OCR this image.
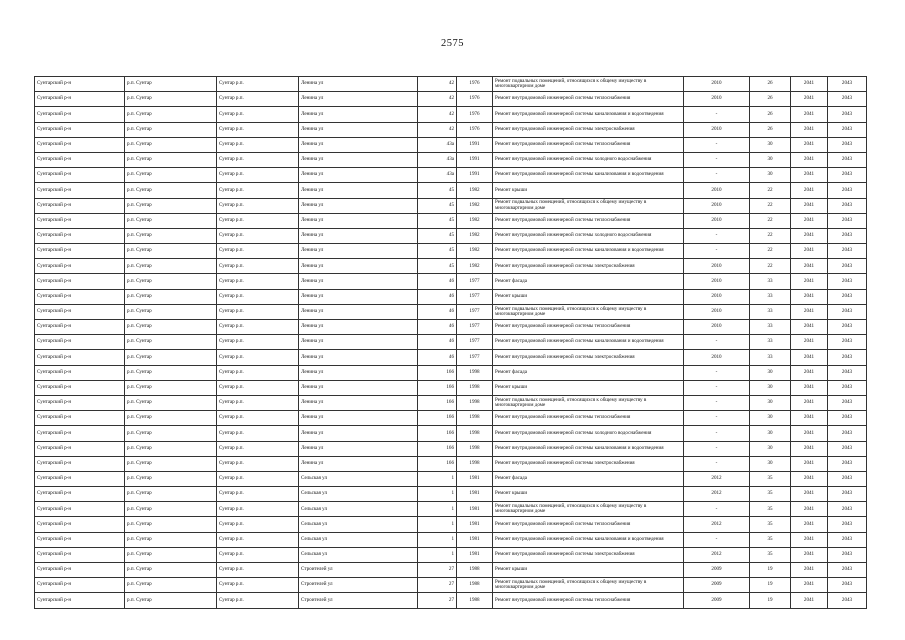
2575
Сунтарский р-н	р.п. Сунтар	Сунтар р.п.	Ленина ул	42	1976	Ремонт подвальных помещений, относящихся к общему имуществу в многоквартирном доме	2010	26	2041	2043
Сунтарский р-н	р.п. Сунтар	Сунтар р.п.	Ленина ул	42	1976	Ремонт внутридомовой инженерной системы теплоснабжения	2010	26	2041	2043
Сунтарский р-н	р.п. Сунтар	Сунтар р.п.	Ленина ул	42	1976	Ремонт внутридомовой инженерной системы канализования и водоотведения	-	26	2041	2043
Сунтарский р-н	р.п. Сунтар	Сунтар р.п.	Ленина ул	42	1976	Ремонт внутридомовой инженерной системы электроснабжения	2010	26	2041	2043
Сунтарский р-н	р.п. Сунтар	Сунтар р.п.	Ленина ул	43а	1991	Ремонт внутридомовой инженерной системы теплоснабжения	-	30	2041	2043
Сунтарский р-н	р.п. Сунтар	Сунтар р.п.	Ленина ул	43а	1991	Ремонт внутридомовой инженерной системы холодного водоснабжения	-	30	2041	2043
Сунтарский р-н	р.п. Сунтар	Сунтар р.п.	Ленина ул	43а	1991	Ремонт внутридомовой инженерной системы канализования и водоотведения	-	30	2041	2043
Сунтарский р-н	р.п. Сунтар	Сунтар р.п.	Ленина ул	45	1982	Ремонт крыши	2010	22	2041	2043
Сунтарский р-н	р.п. Сунтар	Сунтар р.п.	Ленина ул	45	1982	Ремонт подвальных помещений, относящихся к общему имуществу в многоквартирном доме	2010	22	2041	2043
Сунтарский р-н	р.п. Сунтар	Сунтар р.п.	Ленина ул	45	1982	Ремонт внутридомовой инженерной системы теплоснабжения	2010	22	2041	2043
Сунтарский р-н	р.п. Сунтар	Сунтар р.п.	Ленина ул	45	1982	Ремонт внутридомовой инженерной системы холодного водоснабжения	-	22	2041	2043
Сунтарский р-н	р.п. Сунтар	Сунтар р.п.	Ленина ул	45	1982	Ремонт внутридомовой инженерной системы канализования и водоотведения	-	22	2041	2043
Сунтарский р-н	р.п. Сунтар	Сунтар р.п.	Ленина ул	45	1982	Ремонт внутридомовой инженерной системы электроснабжения	2010	22	2041	2043
Сунтарский р-н	р.п. Сунтар	Сунтар р.п.	Ленина ул	46	1977	Ремонт фасада	2010	33	2041	2043
Сунтарский р-н	р.п. Сунтар	Сунтар р.п.	Ленина ул	46	1977	Ремонт крыши	2010	33	2041	2043
Сунтарский р-н	р.п. Сунтар	Сунтар р.п.	Ленина ул	46	1977	Ремонт подвальных помещений, относящихся к общему имуществу в многоквартирном доме	2010	33	2041	2043
Сунтарский р-н	р.п. Сунтар	Сунтар р.п.	Ленина ул	46	1977	Ремонт внутридомовой инженерной системы теплоснабжения	2010	33	2041	2043
Сунтарский р-н	р.п. Сунтар	Сунтар р.п.	Ленина ул	46	1977	Ремонт внутридомовой инженерной системы канализования и водоотведения	-	33	2041	2043
Сунтарский р-н	р.п. Сунтар	Сунтар р.п.	Ленина ул	46	1977	Ремонт внутридомовой инженерной системы электроснабжения	2010	33	2041	2043
Сунтарский р-н	р.п. Сунтар	Сунтар р.п.	Ленина ул	166	1998	Ремонт фасада	-	30	2041	2043
Сунтарский р-н	р.п. Сунтар	Сунтар р.п.	Ленина ул	166	1998	Ремонт крыши	-	30	2041	2043
Сунтарский р-н	р.п. Сунтар	Сунтар р.п.	Ленина ул	166	1998	Ремонт подвальных помещений, относящихся к общему имуществу в многоквартирном доме	-	30	2041	2043
Сунтарский р-н	р.п. Сунтар	Сунтар р.п.	Ленина ул	166	1998	Ремонт внутридомовой инженерной системы теплоснабжения	-	30	2041	2043
Сунтарский р-н	р.п. Сунтар	Сунтар р.п.	Ленина ул	166	1998	Ремонт внутридомовой инженерной системы холодного водоснабжения	-	30	2041	2043
Сунтарский р-н	р.п. Сунтар	Сунтар р.п.	Ленина ул	166	1998	Ремонт внутридомовой инженерной системы канализования и водоотведения	-	30	2041	2043
Сунтарский р-н	р.п. Сунтар	Сунтар р.п.	Ленина ул	166	1998	Ремонт внутридомовой инженерной системы электроснабжения	-	30	2041	2043
Сунтарский р-н	р.п. Сунтар	Сунтар р.п.	Сельская ул	1	1981	Ремонт фасада	2012	35	2041	2043
Сунтарский р-н	р.п. Сунтар	Сунтар р.п.	Сельская ул	1	1981	Ремонт крыши	2012	35	2041	2043
Сунтарский р-н	р.п. Сунтар	Сунтар р.п.	Сельская ул	1	1981	Ремонт подвальных помещений, относящихся к общему имуществу в многоквартирном доме	-	35	2041	2043
Сунтарский р-н	р.п. Сунтар	Сунтар р.п.	Сельская ул	1	1981	Ремонт внутридомовой инженерной системы теплоснабжения	2012	35	2041	2043
Сунтарский р-н	р.п. Сунтар	Сунтар р.п.	Сельская ул	1	1981	Ремонт внутридомовой инженерной системы канализования и водоотведения	-	35	2041	2043
Сунтарский р-н	р.п. Сунтар	Сунтар р.п.	Сельская ул	1	1981	Ремонт внутридомовой инженерной системы электроснабжения	2012	35	2041	2043
Сунтарский р-н	р.п. Сунтар	Сунтар р.п.	Строителей ул	27	1988	Ремонт крыши	2009	19	2041	2043
Сунтарский р-н	р.п. Сунтар	Сунтар р.п.	Строителей ул	27	1988	Ремонт подвальных помещений, относящихся к общему имуществу в многоквартирном доме	2009	19	2041	2043
Сунтарский р-н	р.п. Сунтар	Сунтар р.п.	Строителей ул	27	1988	Ремонт внутридомовой инженерной системы теплоснабжения	2009	19	2041	2043
